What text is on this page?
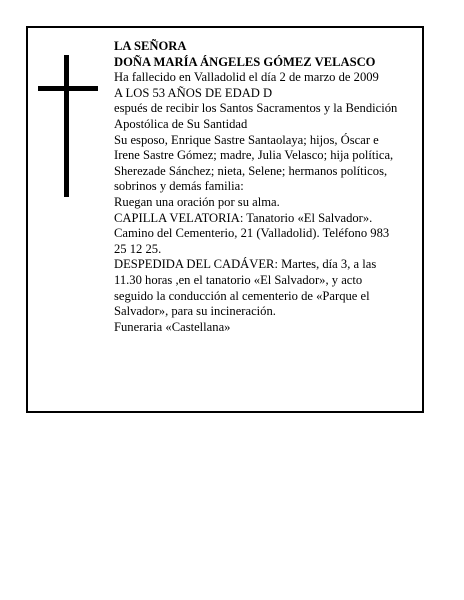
LA SEÑORA
DOÑA MARÍA ÁNGELES GÓMEZ VELASCO
Ha fallecido en Valladolid el día 2 de marzo de 2009
A LOS 53 AÑOS DE EDAD D
espués de recibir los Santos Sacramentos y la Bendición
Apostólica de Su Santidad
Su esposo, Enrique Sastre Santaolaya; hijos, Óscar e
Irene Sastre Gómez; madre, Julia Velasco; hija política,
Sherezade Sánchez; nieta, Selene; hermanos políticos,
sobrinos y demás familia:
Ruegan una oración por su alma.
CAPILLA VELATORIA: Tanatorio «El Salvador».
Camino del Cementerio, 21 (Valladolid). Teléfono 983
25 12 25.
DESPEDIDA DEL CADÁVER: Martes, día 3, a las
11.30 horas ,en el tanatorio «El Salvador», y acto
seguido la conducción al cementerio de «Parque el
Salvador», para su incineración.
Funeraria «Castellana»
